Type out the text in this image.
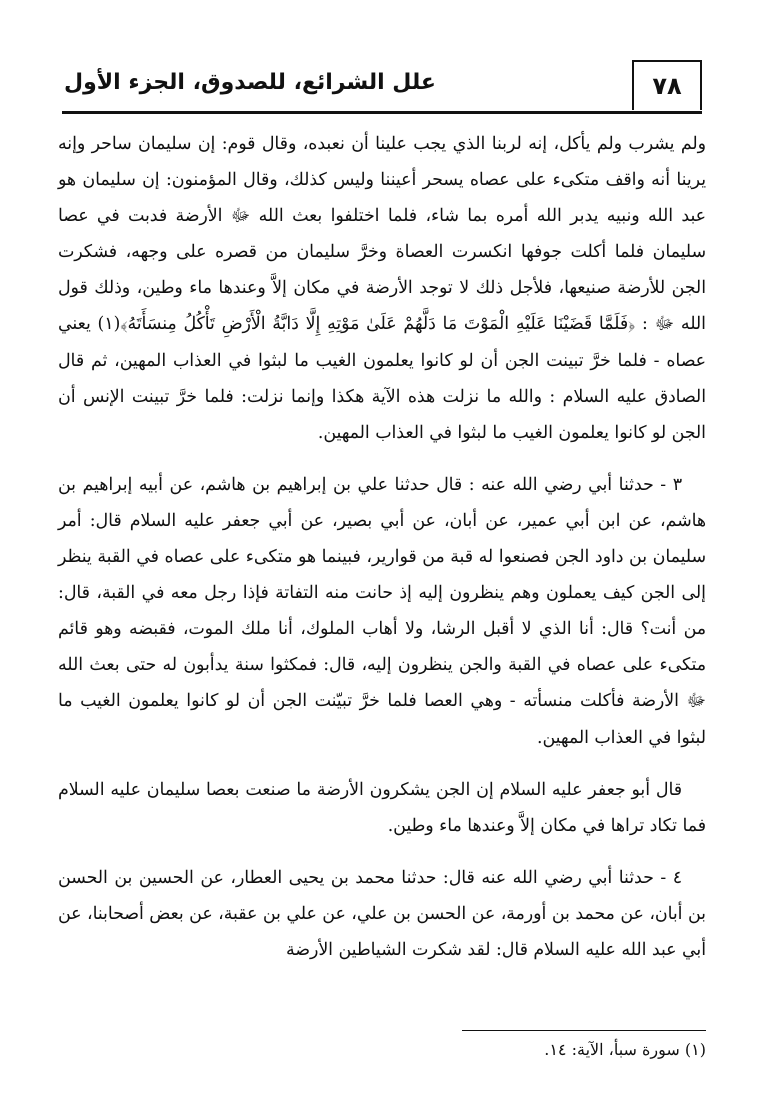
٧٨
علل الشرائع، للصدوق، الجزء الأول

ولم يشرب ولم يأكل، إنه لربنا الذي يجب علينا أن نعبده، وقال قوم: إن سليمان ساحر وإنه يرينا أنه واقف متكىء على عصاه يسحر أعيننا وليس كذلك، وقال المؤمنون: إن سليمان هو عبد الله ونبيه يدبر الله أمره بما شاء، فلما اختلفوا بعث الله ﷻ الأرضة فدبت في عصا سليمان فلما أكلت جوفها انكسرت العصاة وخرَّ سليمان من قصره على وجهه، فشكرت الجن للأرضة صنيعها، فلأجل ذلك لا توجد الأرضة في مكان إلاَّ وعندها ماء وطين، وذلك قول الله ﷻ : ﴿فَلَمَّا قَضَيْنَا عَلَيْهِ الْمَوْتَ مَا دَلَّهُمْ عَلَىٰ مَوْتِهِ إِلَّا دَابَّةُ الْأَرْضِ تَأْكُلُ مِنسَأَتَهُ﴾(١) يعني عصاه - فلما خرَّ تبينت الجن أن لو كانوا يعلمون الغيب ما لبثوا في العذاب المهين، ثم قال الصادق عليه السلام : والله ما نزلت هذه الآية هكذا وإنما نزلت: فلما خرَّ تبينت الإنس أن الجن لو كانوا يعلمون الغيب ما لبثوا في العذاب المهين.

٣ - حدثنا أبي رضي الله عنه : قال حدثنا علي بن إبراهيم بن هاشم، عن أبيه إبراهيم بن هاشم، عن ابن أبي عمير، عن أبان، عن أبي بصير، عن أبي جعفر عليه السلام قال: أمر سليمان بن داود الجن فصنعوا له قبة من قوارير، فبينما هو متكىء على عصاه في القبة ينظر إلى الجن كيف يعملون وهم ينظرون إليه إذ حانت منه التفاتة فإذا رجل معه في القبة، قال: من أنت؟ قال: أنا الذي لا أقبل الرشا، ولا أهاب الملوك، أنا ملك الموت، فقبضه وهو قائم متكىء على عصاه في القبة والجن ينظرون إليه، قال: فمكثوا سنة يدأبون له حتى بعث الله ﷻ الأرضة فأكلت منسأته - وهي العصا فلما خرَّ تبيّنت الجن أن لو كانوا يعلمون الغيب ما لبثوا في العذاب المهين.

قال أبو جعفر عليه السلام إن الجن يشكرون الأرضة ما صنعت بعصا سليمان عليه السلام فما تكاد تراها في مكان إلاَّ وعندها ماء وطين.

٤ - حدثنا أبي رضي الله عنه قال: حدثنا محمد بن يحيى العطار، عن الحسين بن الحسن بن أبان، عن محمد بن أورمة، عن الحسن بن علي، عن علي بن عقبة، عن بعض أصحابنا، عن أبي عبد الله عليه السلام قال: لقد شكرت الشياطين الأرضة

(١) سورة سبأ، الآية: ١٤.
